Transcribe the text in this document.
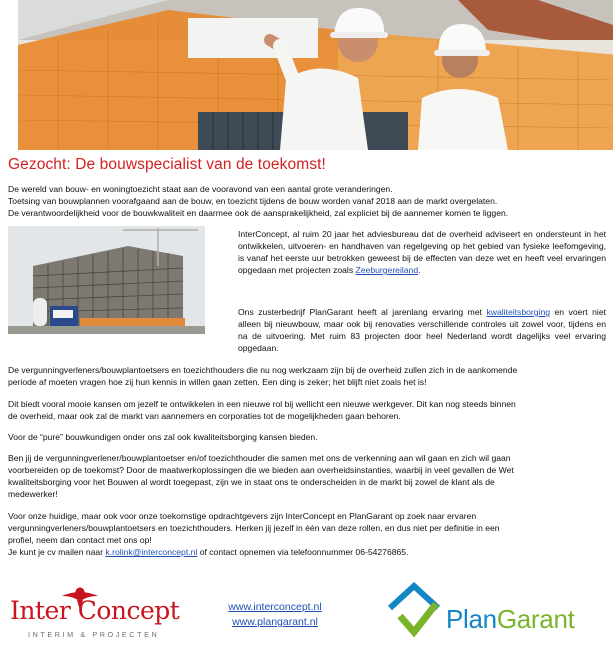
Gezocht: De bouwspecialist van de toekomst!
De wereld van bouw- en woningtoezicht staat aan de vooravond van een aantal grote veranderingen.
Toetsing van bouwplannen voorafgaand aan de bouw, en toezicht tijdens de bouw worden vanaf 2018 aan de markt overgelaten.
De verantwoordelijkheid voor de bouwkwaliteit en daarmee ook de aansprakelijkheid, zal expliciet bij de aannemer komen te liggen.
InterConcept, al ruim 20 jaar het adviesbureau dat de overheid adviseert en ondersteunt in het ontwikkelen, uitvoeren- en handhaven van regelgeving op het gebied van fysieke leefomgeving, is vanaf het eerste uur betrokken geweest bij de effecten van deze wet en heeft veel ervaringen opgedaan met projecten zoals Zeeburgereiland.
Ons zusterbedrijf PlanGarant heeft al jarenlang ervaring met kwaliteitsborging en voert niet alleen bij nieuwbouw, maar ook bij renovaties verschillende controles uit zowel voor, tijdens en na de uitvoering. Met ruim 83 projecten door heel Nederland wordt dagelijks veel ervaring opgedaan.
De vergunningverleners/bouwplantoetsers en toezichthouders die nu nog werkzaam zijn bij de overheid zullen zich in de aankomende
periode af moeten vragen hoe zij hun kennis in willen gaan zetten. Een ding is zeker; het blijft niet zoals het is!
Dit biedt vooral mooie kansen om jezelf te ontwikkelen in een nieuwe rol bij wellicht een nieuwe werkgever. Dit kan nog steeds binnen
de overheid, maar ook zal de markt van aannemers en corporaties tot de mogelijkheden gaan behoren.
Voor de “pure” bouwkundigen onder ons zal ook kwaliteitsborging kansen bieden.
Ben jij de vergunningverlener/bouwplantoetser en/of toezichthouder die samen met ons de verkenning aan wil gaan en zich wil gaan
voorbereiden op de toekomst? Door de maatwerkoplossingen die we bieden aan overheidsinstanties, waarbij in veel gevallen de Wet
kwaliteitsborging voor het Bouwen al wordt toegepast, zijn we in staat ons te onderscheiden in de markt bij zowel de klant als de
medewerker!
Voor onze huidige, maar ook voor onze toekomstige opdrachtgevers zijn InterConcept en PlanGarant op zoek naar ervaren
vergunningverleners/bouwplantoetsers en toezichthouders. Herken jij jezelf in één van deze rollen, en dus niet per definitie in een
profiel, neem dan contact met ons op!
Je kunt je cv mailen naar k.rolink@interconcept.nl of contact opnemen via telefoonnummer 06-54276865.
Inter Concept
INTERIM & PROJECTEN
www.interconcept.nl
www.plangarant.nl	PlanGarant
